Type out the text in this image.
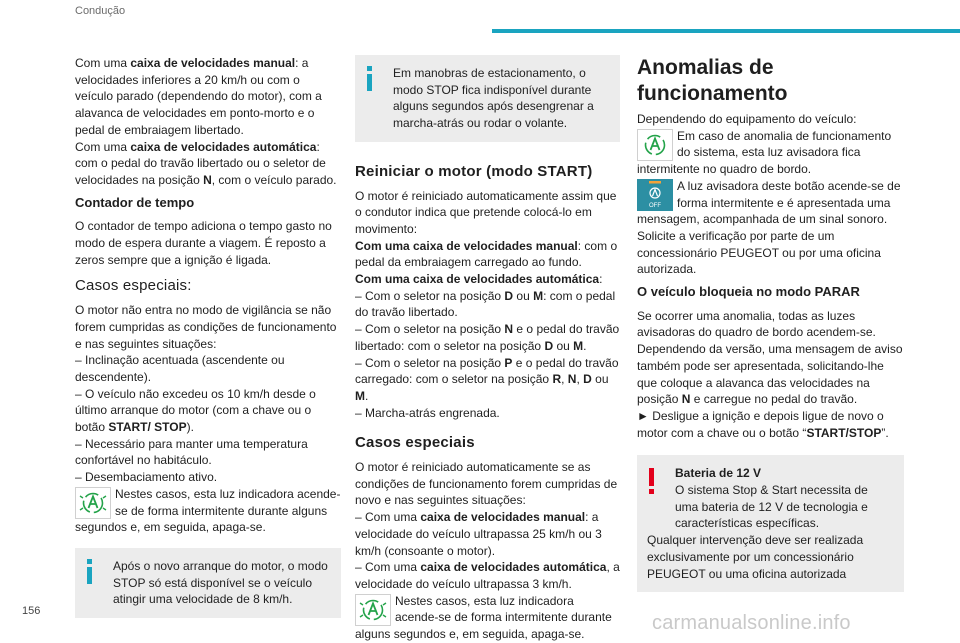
Condução

Com uma caixa de velocidades manual: a velocidades inferiores a 20 km/h ou com o veículo parado (dependendo do motor), com a alavanca de velocidades em ponto-morto e o pedal de embraiagem libertado.

Com uma caixa de velocidades automática: com o pedal do travão libertado ou o seletor de velocidades na posição N, com o veículo parado.

Contador de tempo

O contador de tempo adiciona o tempo gasto no modo de espera durante a viagem. É reposto a zeros sempre que a ignição é ligada.

Casos especiais:

O motor não entra no modo de vigilância se não forem cumpridas as condições de funcionamento e nas seguintes situações:

– Inclinação acentuada (ascendente ou descendente).

– O veículo não excedeu os 10 km/h desde o último arranque do motor (com a chave ou o botão START/ STOP).

– Necessário para manter uma temperatura confortável no habitáculo.

– Desembaciamento ativo.

Nestes casos, esta luz indicadora acende-se de forma intermitente durante alguns segundos e, em seguida, apaga-se.

Após o novo arranque do motor, o modo STOP só está disponível se o veículo atingir uma velocidade de 8 km/h.

Em manobras de estacionamento, o modo STOP fica indisponível durante alguns segundos após desengrenar a marcha-atrás ou rodar o volante.

Reiniciar o motor (modo START)

O motor é reiniciado automaticamente assim que o condutor indica que pretende colocá-lo em movimento:

Com uma caixa de velocidades manual: com o pedal da embraiagem carregado ao fundo.

Com uma caixa de velocidades automática:

– Com o seletor na posição D ou M: com o pedal do travão libertado.

– Com o seletor na posição N e o pedal do travão libertado: com o seletor na posição D ou M.

– Com o seletor na posição P e o pedal do travão carregado: com o seletor na posição R, N, D ou M.

– Marcha-atrás engrenada.

Casos especiais

O motor é reiniciado automaticamente se as condições de funcionamento forem cumpridas de novo e nas seguintes situações:

– Com uma caixa de velocidades manual: a velocidade do veículo ultrapassa 25 km/h ou 3 km/h (consoante o motor).

– Com uma caixa de velocidades automática, a velocidade do veículo ultrapassa 3 km/h.

Nestes casos, esta luz indicadora acende-se de forma intermitente durante alguns segundos e, em seguida, apaga-se.
Anomalias de funcionamento

Dependendo do equipamento do veículo:

Em caso de anomalia de funcionamento do sistema, esta luz avisadora fica intermitente no quadro de bordo.
OFF
A luz avisadora deste botão acende-se de forma intermitente e é apresentada uma mensagem, acompanhada de um sinal sonoro.

Solicite a verificação por parte de um concessionário PEUGEOT ou por uma oficina autorizada.

O veículo bloqueia no modo PARAR

Se ocorrer uma anomalia, todas as luzes avisadoras do quadro de bordo acendem-se.

Dependendo da versão, uma mensagem de aviso também pode ser apresentada, solicitando-lhe que coloque a alavanca das velocidades na posição N e carregue no pedal do travão.

► Desligue a ignição e depois ligue de novo o motor com a chave ou o botão “START/STOP”.

Bateria de 12 V

O sistema Stop & Start necessita de uma bateria de 12 V de tecnologia e características específicas.

Qualquer intervenção deve ser realizada exclusivamente por um concessionário PEUGEOT ou uma oficina autorizada

156
carmanualsonline.info
